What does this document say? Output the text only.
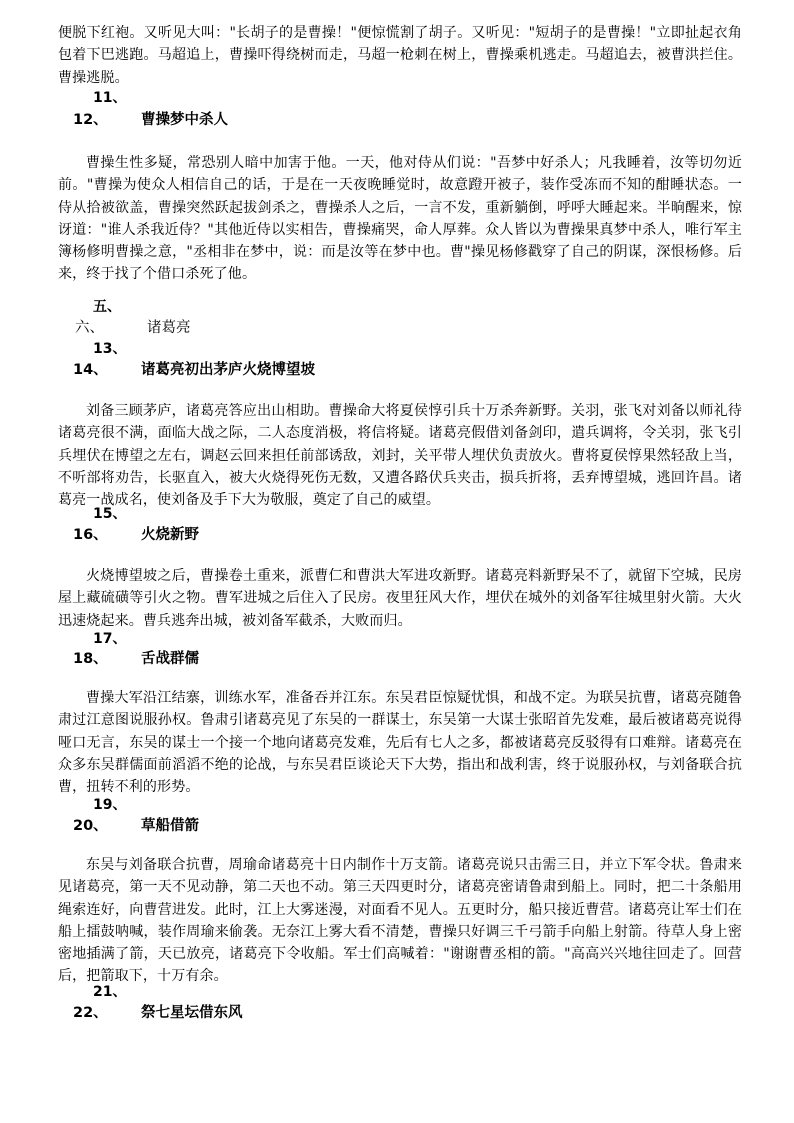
便脱下红袍。又听见大叫："长胡子的是曹操！"便惊慌割了胡子。又听见："短胡子的是曹操！"立即扯起衣角包着下巴逃跑。马超追上，曹操吓得绕树而走，马超一枪刺在树上，曹操乘机逃走。马超追去，被曹洪拦住。曹操逃脱。

11、
12、 曹操梦中杀人

曹操生性多疑，常恐别人暗中加害于他。一天，他对侍从们说："吾梦中好杀人；凡我睡着，汝等切勿近前。"曹操为使众人相信自己的话，于是在一天夜晚睡觉时，故意蹬开被子，装作受冻而不知的酣睡状态。一侍从拾被欲盖，曹操突然跃起拔剑杀之，曹操杀人之后，一言不发，重新躺倒，呼呼大睡起来。半晌醒来，惊讶道："谁人杀我近侍？"其他近侍以实相告，曹操痛哭，命人厚葬。众人皆以为曹操果真梦中杀人，唯行军主簿杨修明曹操之意，"丞相非在梦中，说：而是汝等在梦中也。曹"操见杨修戳穿了自己的阴谋，深恨杨修。后来，终于找了个借口杀死了他。

五、
六、	诸葛亮
13、
14、 诸葛亮初出茅庐火烧博望坡

刘备三顾茅庐，诸葛亮答应出山相助。曹操命大将夏侯惇引兵十万杀奔新野。关羽，张飞对刘备以师礼待诸葛亮很不满，面临大战之际，二人态度消极，将信将疑。诸葛亮假借刘备剑印，遣兵调将，令关羽，张飞引兵埋伏在博望之左右，调赵云回来担任前部诱敌，刘封，关平带人埋伏负责放火。曹将夏侯惇果然轻敌上当，不听部将劝告，长驱直入，被大火烧得死伤无数，又遭各路伏兵夹击，损兵折将，丢弃博望城，逃回许昌。诸葛亮一战成名，使刘备及手下大为敬服，奠定了自己的威望。

15、
16、 火烧新野

火烧博望坡之后，曹操卷土重来，派曹仁和曹洪大军进攻新野。诸葛亮料新野呆不了，就留下空城，民房屋上藏硫磺等引火之物。曹军进城之后住入了民房。夜里狂风大作，埋伏在城外的刘备军往城里射火箭。大火迅速烧起来。曹兵逃奔出城，被刘备军截杀，大败而归。

17、
18、 舌战群儒

曹操大军沿江结寨，训练水军，准备吞并江东。东吴君臣惊疑忧惧，和战不定。为联吴抗曹，诸葛亮随鲁肃过江意图说服孙权。鲁肃引诸葛亮见了东吴的一群谋士，东吴第一大谋士张昭首先发难，最后被诸葛亮说得哑口无言，东吴的谋士一个接一个地向诸葛亮发难，先后有七人之多，都被诸葛亮反驳得有口难辩。诸葛亮在众多东吴群儒面前滔滔不绝的论战，与东吴君臣谈论天下大势，指出和战利害，终于说服孙权，与刘备联合抗曹，扭转不利的形势。

19、
20、 草船借箭

东吴与刘备联合抗曹，周瑜命诸葛亮十日内制作十万支箭。诸葛亮说只击需三日，并立下军令状。鲁肃来见诸葛亮，第一天不见动静，第二天也不动。第三天四更时分，诸葛亮密请鲁肃到船上。同时，把二十条船用绳索连好，向曹营进发。此时，江上大雾迷漫，对面看不见人。五更时分，船只接近曹营。诸葛亮让军士们在船上擂鼓呐喊，装作周瑜来偷袭。无奈江上雾大看不清楚，曹操只好调三千弓箭手向船上射箭。待草人身上密密地插满了箭，天已放亮，诸葛亮下令收船。军士们高喊着："谢谢曹丞相的箭。"高高兴兴地往回走了。回营后，把箭取下，十万有余。

21、
22、 祭七星坛借东风
